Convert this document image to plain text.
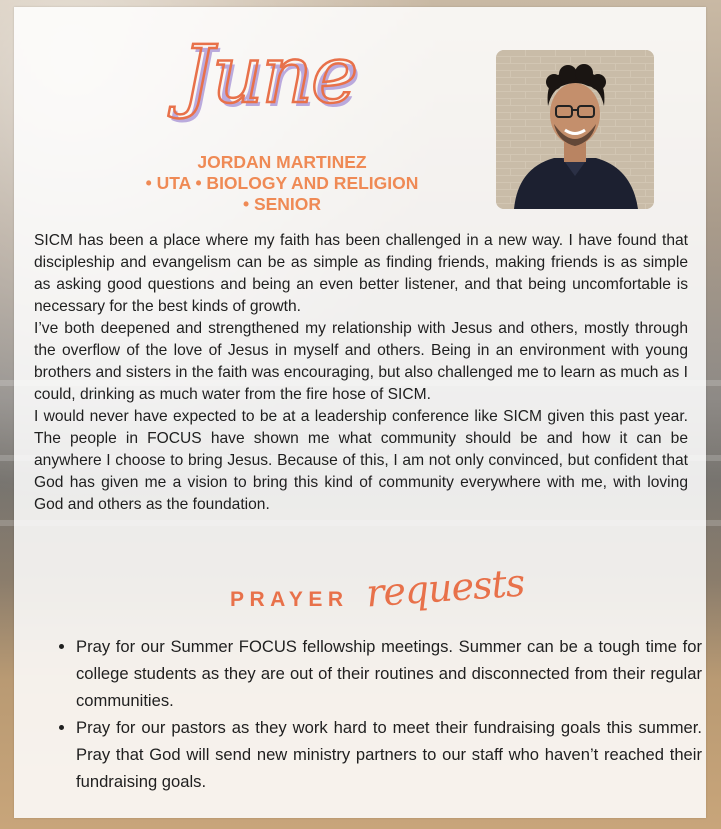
June
JORDAN MARTINEZ
• UTA • BIOLOGY AND RELIGION
• SENIOR

SICM has been a place where my faith has been challenged in a new way. I have found that discipleship and evangelism can be as simple as finding friends, making friends is as simple as asking good questions and being an even better listener, and that being uncomfortable is necessary for the best kinds of growth.

I’ve both deepened and strengthened my relationship with Jesus and others, mostly through the overflow of the love of Jesus in myself and others. Being in an environment with young brothers and sisters in the faith was encouraging, but also challenged me to learn as much as I could, drinking as much water from the fire hose of SICM.

I would never have expected to be at a leadership conference like SICM given this past year. The people in FOCUS have shown me what community should be and how it can be anywhere I choose to bring Jesus. Because of this, I am not only convinced, but confident that God has given me a vision to bring this kind of community everywhere with me, with loving God and others as the foundation.

PRAYER requests
• Pray for our Summer FOCUS fellowship meetings. Summer can be a tough time for college students as they are out of their routines and disconnected from their regular communities.
• Pray for our pastors as they work hard to meet their fundraising goals this summer. Pray that God will send new ministry partners to our staff who haven’t reached their fundraising goals.
